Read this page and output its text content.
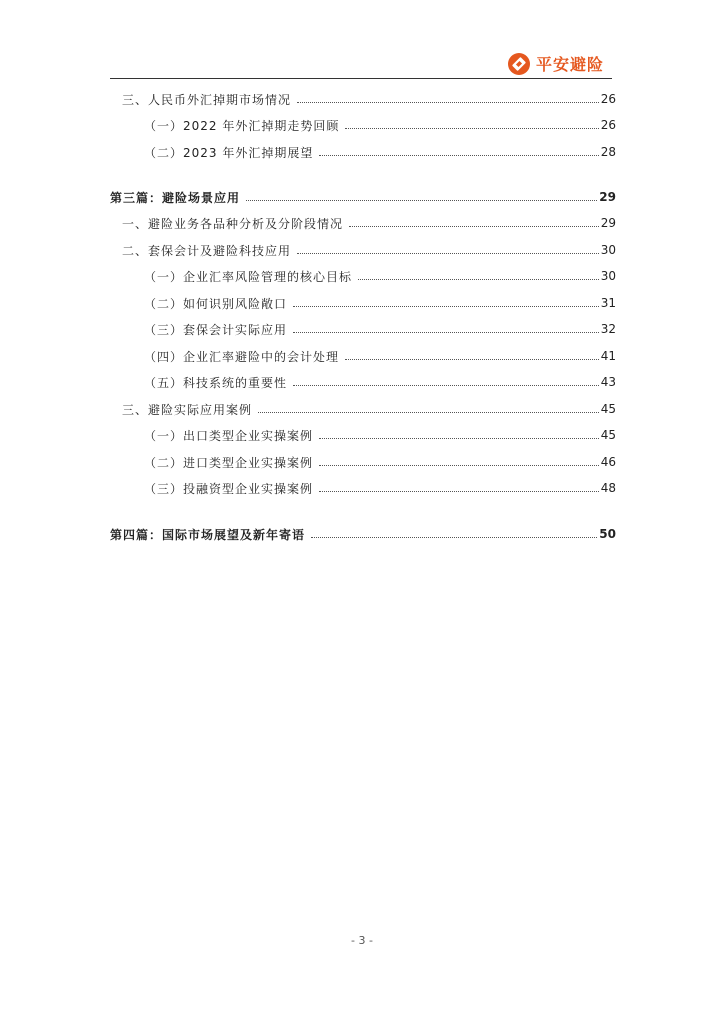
平安避险
三、人民币外汇掉期市场情况	26
（一）2022 年外汇掉期走势回顾	26
（二）2023 年外汇掉期展望	28
第三篇：避险场景应用	29
一、避险业务各品种分析及分阶段情况	29
二、套保会计及避险科技应用	30
（一）企业汇率风险管理的核心目标	30
（二）如何识别风险敞口	31
（三）套保会计实际应用	32
（四）企业汇率避险中的会计处理	41
（五）科技系统的重要性	43
三、避险实际应用案例	45
（一）出口类型企业实操案例	45
（二）进口类型企业实操案例	46
（三）投融资型企业实操案例	48
第四篇：国际市场展望及新年寄语	50
- 3 -
